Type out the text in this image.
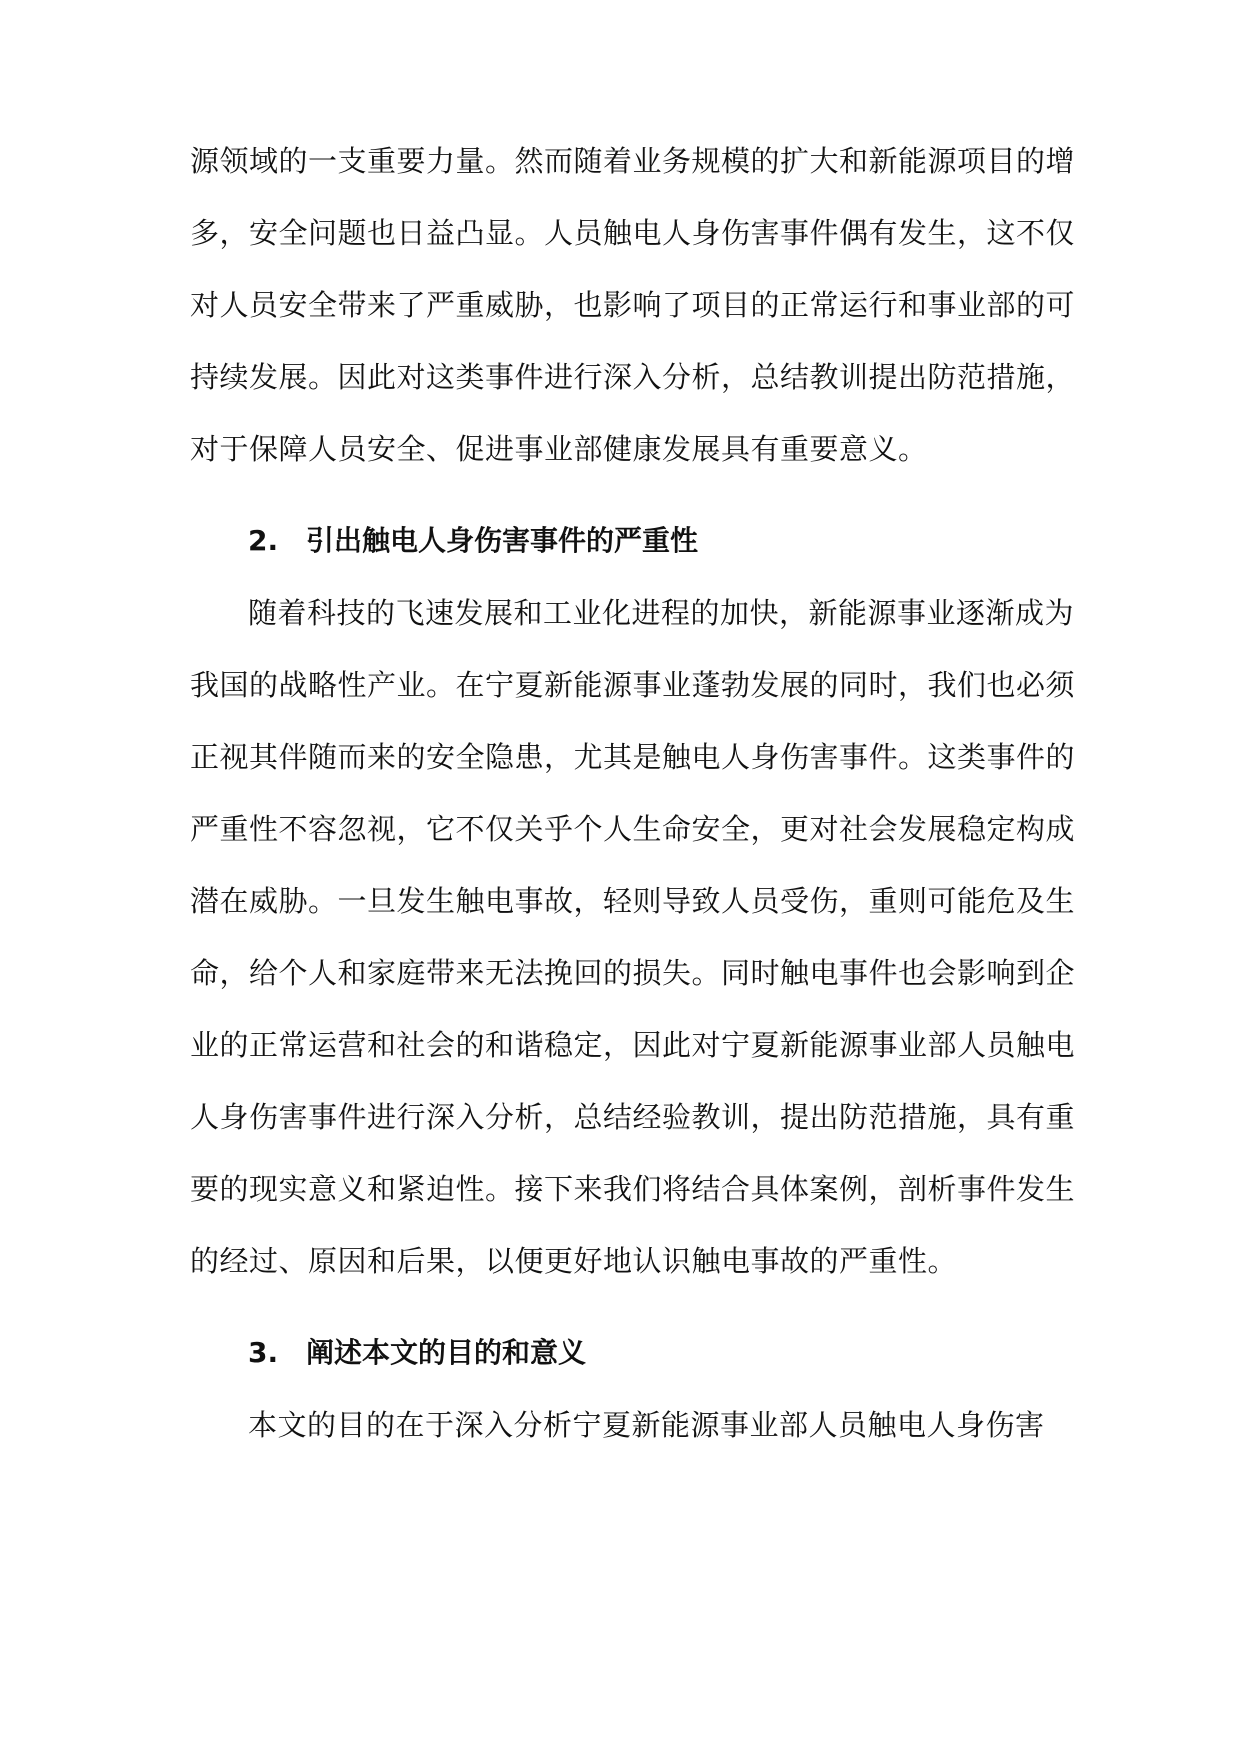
源领域的一支重要力量。然而随着业务规模的扩大和新能源项目的增
多，安全问题也日益凸显。人员触电人身伤害事件偶有发生，这不仅
对人员安全带来了严重威胁，也影响了项目的正常运行和事业部的可
持续发展。因此对这类事件进行深入分析，总结教训提出防范措施，
对于保障人员安全、促进事业部健康发展具有重要意义。
2. 引出触电人身伤害事件的严重性
随着科技的飞速发展和工业化进程的加快，新能源事业逐渐成为
我国的战略性产业。在宁夏新能源事业蓬勃发展的同时，我们也必须
正视其伴随而来的安全隐患，尤其是触电人身伤害事件。这类事件的
严重性不容忽视，它不仅关乎个人生命安全，更对社会发展稳定构成
潜在威胁。一旦发生触电事故，轻则导致人员受伤，重则可能危及生
命，给个人和家庭带来无法挽回的损失。同时触电事件也会影响到企
业的正常运营和社会的和谐稳定，因此对宁夏新能源事业部人员触电
人身伤害事件进行深入分析，总结经验教训，提出防范措施，具有重
要的现实意义和紧迫性。接下来我们将结合具体案例，剖析事件发生
的经过、原因和后果，以便更好地认识触电事故的严重性。
3. 阐述本文的目的和意义
本文的目的在于深入分析宁夏新能源事业部人员触电人身伤害
